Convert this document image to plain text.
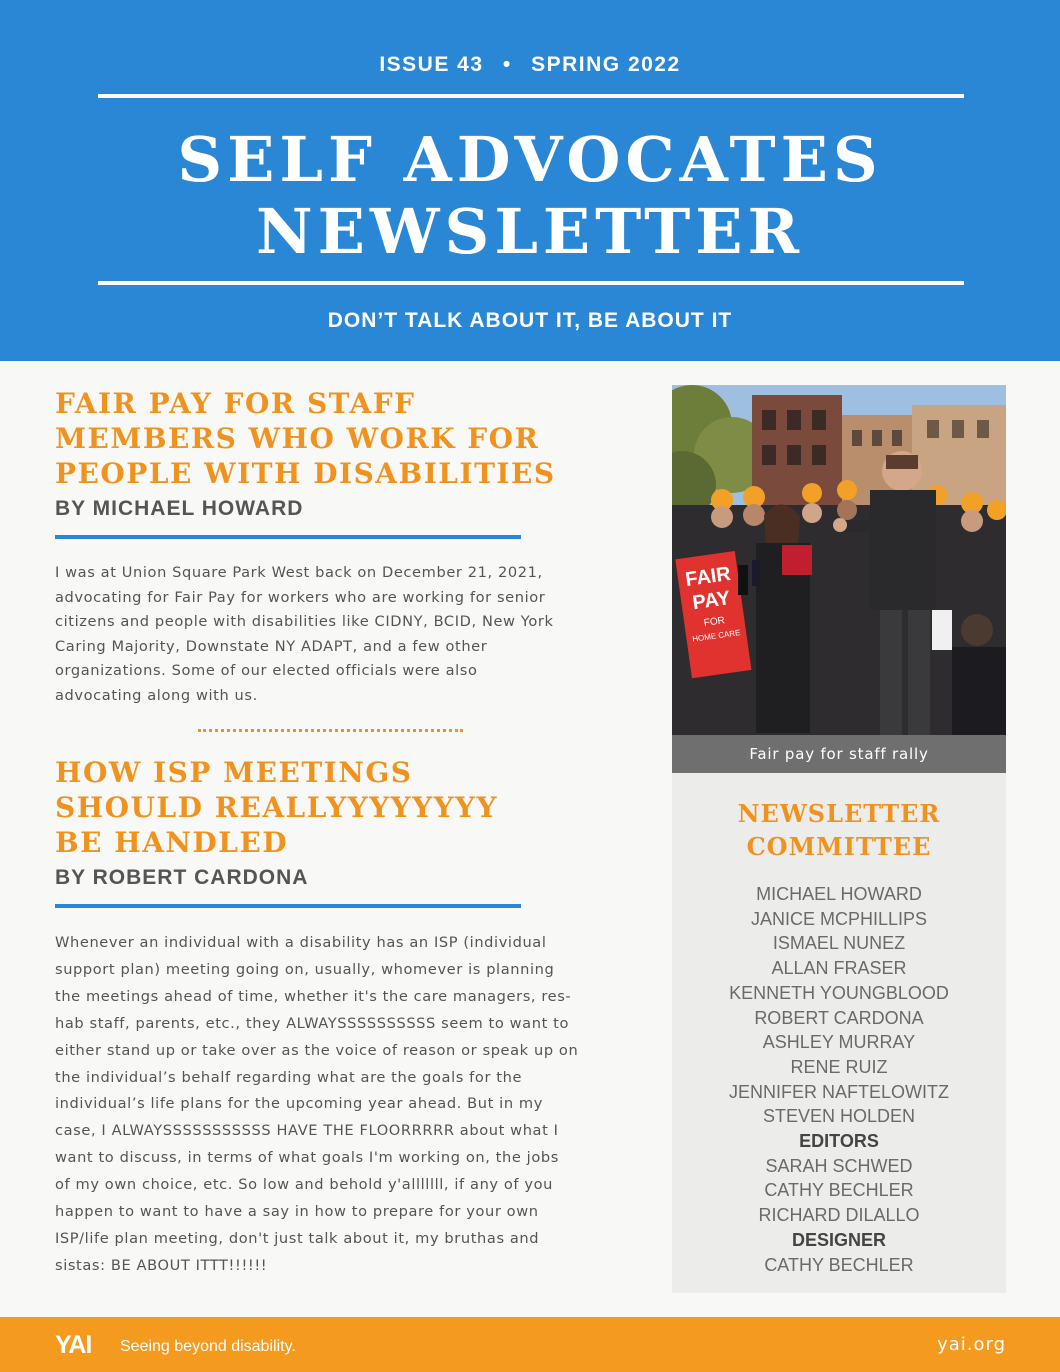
ISSUE 43 • SPRING 2022
SELF ADVOCATES
NEWSLETTER
DON’T TALK ABOUT IT, BE ABOUT IT
FAIR PAY FOR STAFF
MEMBERS WHO WORK FOR
PEOPLE WITH DISABILITIES
BY MICHAEL HOWARD
I was at Union Square Park West back on December 21, 2021,
advocating for Fair Pay for workers who are working for senior
citizens and people with disabilities like CIDNY, BCID, New York
Caring Majority, Downstate NY ADAPT, and a few other
organizations. Some of our elected officials were also
advocating along with us.
HOW ISP MEETINGS
SHOULD REALLYYYYYYYY
BE HANDLED
BY ROBERT CARDONA
Whenever an individual with a disability has an ISP (individual
support plan) meeting going on, usually, whomever is planning
the meetings ahead of time, whether it's the care managers, res-
hab staff, parents, etc., they ALWAYSSSSSSSSSS seem to want to
either stand up or take over as the voice of reason or speak up on
the individual’s behalf regarding what are the goals for the
individual’s life plans for the upcoming year ahead. But in my
case, I ALWAYSSSSSSSSSSS HAVE THE FLOORRRRR about what I
want to discuss, in terms of what goals I'm working on, the jobs
of my own choice, etc. So low and behold y'alllllll, if any of you
happen to want to have a say in how to prepare for your own
ISP/life plan meeting, don't just talk about it, my bruthas and
sistas: BE ABOUT ITTT!!!!!!
FAIR
PAY
FOR
HOME CARE
Fair pay for staff rally
NEWSLETTER
COMMITTEE
MICHAEL HOWARD
JANICE MCPHILLIPS
ISMAEL NUNEZ
ALLAN FRASER
KENNETH YOUNGBLOOD
ROBERT CARDONA
ASHLEY MURRAY
RENE RUIZ
JENNIFER NAFTELOWITZ
STEVEN HOLDEN
EDITORS
SARAH SCHWED
CATHY BECHLER
RICHARD DILALLO
DESIGNER
CATHY BECHLER
YAI Seeing beyond disability.	yai.org
